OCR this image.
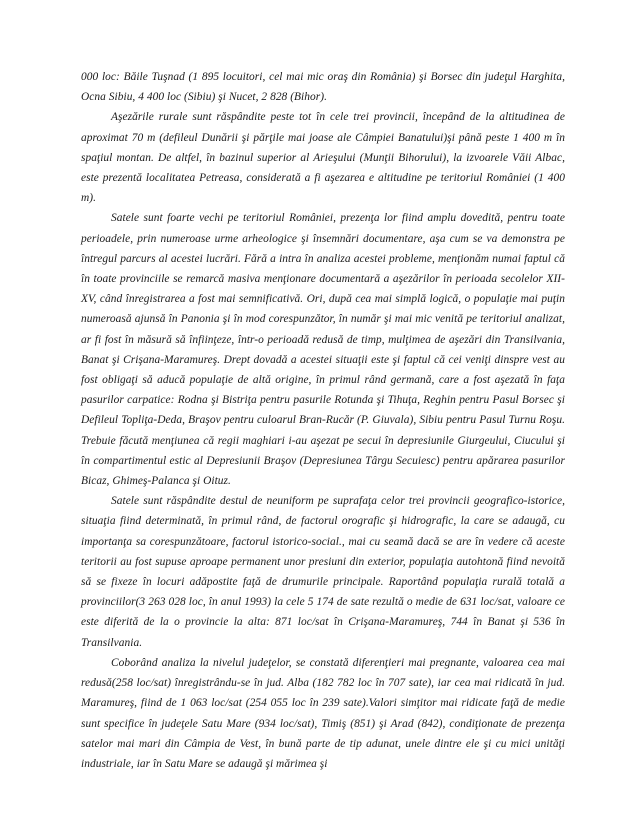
000 loc: Băile Tuşnad (1 895 locuitori, cel mai mic oraş din România) şi Borsec din judeţul Harghita, Ocna Sibiu, 4 400 loc (Sibiu) şi Nucet, 2 828 (Bihor).

Aşezările rurale sunt răspândite peste tot în cele trei provincii, începând de la altitudinea de aproximat 70 m (defileul Dunării şi părţile mai joase ale Câmpiei Banatului)şi până peste 1 400 m în spaţiul montan. De altfel, în bazinul superior al Arieşului (Munţii Bihorului), la izvoarele Văii Albac, este prezentă localitatea Petreasa, considerată a fi aşezarea e altitudine pe teritoriul României (1 400 m).

Satele sunt foarte vechi pe teritoriul României, prezenţa lor fiind amplu dovedită, pentru toate perioadele, prin numeroase urme arheologice şi însemnări documentare, aşa cum se va demonstra pe întregul parcurs al acestei lucrări. Fără a intra în analiza acestei probleme, menţionăm numai faptul că în toate provinciile se remarcă masiva menţionare documentară a aşezărilor în perioada secolelor XII-XV, când înregistrarea a fost mai semnificativă. Ori, după cea mai simplă logică, o populaţie mai puţin numeroasă ajunsă în Panonia şi în mod corespunzător, în număr şi mai mic venită pe teritoriul analizat, ar fi fost în măsură să înfiinţeze, într-o perioadă redusă de timp, mulţimea de aşezări din Transilvania, Banat şi Crişana-Maramureş. Drept dovadă a acestei situaţii este şi faptul că cei veniţi dinspre vest au fost obligaţi să aducă populaţie de altă origine, în primul rând germană, care a fost aşezată în faţa pasurilor carpatice: Rodna şi Bistriţa pentru pasurile Rotunda şi Tihuţa, Reghin pentru Pasul Borsec şi Defileul Topliţa-Deda, Braşov pentru culoarul Bran-Rucăr (P. Giuvala), Sibiu pentru Pasul Turnu Roşu. Trebuie făcută menţiunea că regii maghiari i-au aşezat pe secui în depresiunile Giurgeului, Ciucului şi în compartimentul estic al Depresiunii Braşov (Depresiunea Târgu Secuiesc) pentru apărarea pasurilor Bicaz, Ghimeş-Palanca şi Oituz.

Satele sunt răspândite destul de neuniform pe suprafaţa celor trei provincii geografico-istorice, situaţia fiind determinată, în primul rând, de factorul orografic şi hidrografic, la care se adaugă, cu importanţa sa corespunzătoare, factorul istorico-social., mai cu seamă dacă se are în vedere că aceste teritorii au fost supuse aproape permanent unor presiuni din exterior, populaţia autohtonă fiind nevoită să se fixeze în locuri adăpostite faţă de drumurile principale. Raportând populaţia rurală totală a provinciilor(3 263 028 loc, în anul 1993) la cele 5 174 de sate rezultă o medie de 631 loc/sat, valoare ce este diferită de la o provincie la alta: 871 loc/sat în Crişana-Maramureş, 744 în Banat şi 536 în Transilvania.

Coborând analiza la nivelul judeţelor, se constată diferenţieri mai pregnante, valoarea cea mai redusă(258 loc/sat) înregistrându-se în jud. Alba (182 782 loc în 707 sate), iar cea mai ridicată în jud. Maramureş, fiind de 1 063 loc/sat (254 055 loc în 239 sate).Valori simţitor mai ridicate faţă de medie sunt specifice în judeţele Satu Mare (934 loc/sat), Timiş (851) şi Arad (842), condiţionate de prezenţa satelor mai mari din Câmpia de Vest, în bună parte de tip adunat, unele dintre ele şi cu mici unităţi industriale, iar în Satu Mare se adaugă şi mărimea şi
